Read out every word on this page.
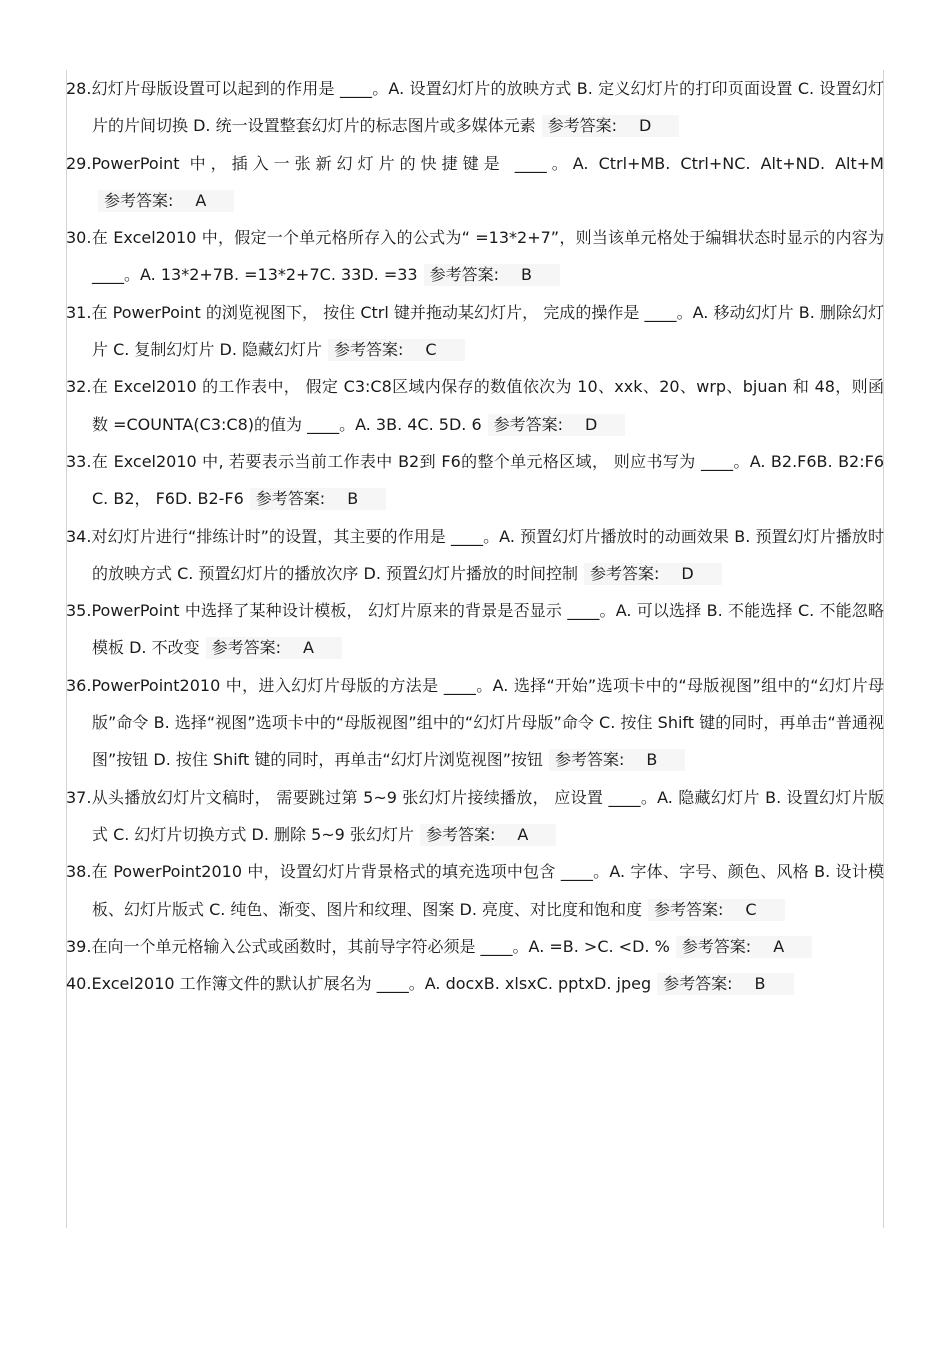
28.幻灯片母版设置可以起到的作用是 ____。A. 设置幻灯片的放映方式 B. 定义幻灯片的打印页面设置 C. 设置幻灯片的片间切换 D. 统一设置整套幻灯片的标志图片或多媒体元素 参考答案: D

29.PowerPoint 中，插入一张新幻灯片的快捷键是 ____。A. Ctrl+MB. Ctrl+NC. Alt+ND. Alt+M参考答案: A

30.在 Excel2010 中，假定一个单元格所存入的公式为“ =13*2+7”，则当该单元格处于编辑状态时显示的内容为 ____。A. 13*2+7B. =13*2+7C. 33D. =33 参考答案: B

31.在 PowerPoint 的浏览视图下， 按住 Ctrl 键并拖动某幻灯片， 完成的操作是 ____。A. 移动幻灯片 B. 删除幻灯片 C. 复制幻灯片 D. 隐藏幻灯片 参考答案: C

32.在 Excel2010 的工作表中， 假定 C3:C8区域内保存的数值依次为 10、xxk、20、wrp、bjuan 和 48，则函数 =COUNTA(C3:C8)的值为 ____。A. 3B. 4C. 5D. 6 参考答案: D

33.在 Excel2010 中, 若要表示当前工作表中 B2到 F6的整个单元格区域， 则应书写为 ____。A. B2.F6B. B2:F6C. B2， F6D. B2-F6 参考答案: B

34.对幻灯片进行“排练计时”的设置，其主要的作用是 ____。A. 预置幻灯片播放时的动画效果 B. 预置幻灯片播放时的放映方式 C. 预置幻灯片的播放次序 D. 预置幻灯片播放的时间控制 参考答案: D

35.PowerPoint 中选择了某种设计模板， 幻灯片原来的背景是否显示 ____。A. 可以选择 B. 不能选择 C. 不能忽略模板 D. 不改变 参考答案: A

36.PowerPoint2010 中，进入幻灯片母版的方法是 ____。A. 选择“开始”选项卡中的“母版视图”组中的“幻灯片母版”命令 B. 选择“视图”选项卡中的“母版视图”组中的“幻灯片母版”命令 C. 按住 Shift 键的同时，再单击“普通视图”按钮 D. 按住 Shift 键的同时，再单击“幻灯片浏览视图”按钮 参考答案: B

37.从头播放幻灯片文稿时， 需要跳过第 5~9 张幻灯片接续播放， 应设置 ____。A. 隐藏幻灯片 B. 设置幻灯片版式 C. 幻灯片切换方式 D. 删除 5~9 张幻灯片 参考答案: A

38.在 PowerPoint2010 中，设置幻灯片背景格式的填充选项中包含 ____。A. 字体、字号、颜色、风格 B. 设计模板、幻灯片版式 C. 纯色、渐变、图片和纹理、图案 D. 亮度、对比度和饱和度 参考答案: C

39.在向一个单元格输入公式或函数时，其前导字符必须是 ____。A. =B. >C. <D. % 参考答案: A

40.Excel2010 工作簿文件的默认扩展名为 ____。A. docxB. xlsxC. pptxD. jpeg 参考答案: B
